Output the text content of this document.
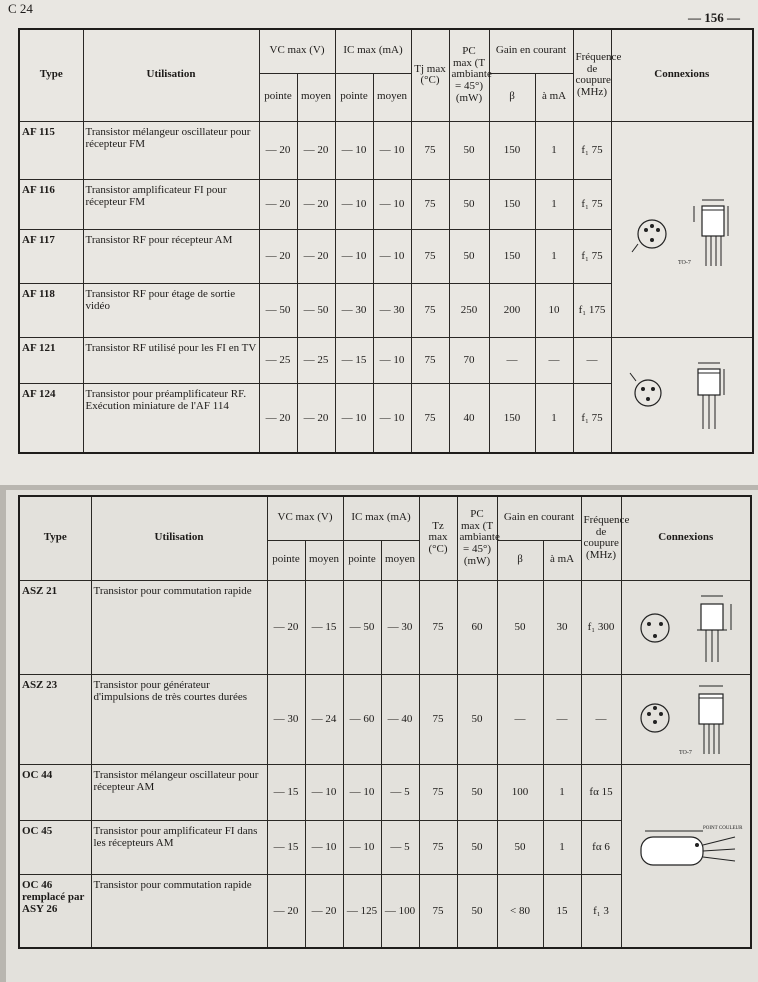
C 24
— 156 —
Type	Utilisation	VC max (V)		IC max (mA)		Tj max
(°C)	PC max (T ambiante = 45°) (mW)	Gain en courant		Fréquence de coupure (MHz)	Connexions
		pointe	moyen	pointe	moyen			β	à mA		
AF 115	Transistor mélangeur oscillateur pour récepteur FM	— 20	— 20	— 10	— 10	75	50	150	1	f₁ 75	TO-7

AF 116	Transistor amplificateur FI pour récepteur FM	— 20	— 20	— 10	— 10	75	50	150	1	f₁ 75	
AF 117	Transistor RF pour récepteur AM	— 20	— 20	— 10	— 10	75	50	150	1	f₁ 75	
AF 118	Transistor RF pour étage de sortie vidéo	— 50	— 50	— 30	— 30	75	250	200	10	f₁ 175	
AF 121	Transistor RF utilisé pour les FI en TV	— 25	— 25	— 15	— 10	75	70	—	—	—	

AF 124	Transistor pour préamplificateur RF. Exécution miniature de l'AF 114	— 20	— 20	— 10	— 10	75	40	150	1	f₁ 75	
Type	Utilisation	VC max (V)		IC max (mA)		Tz max
(°C)	PC max (T ambiante = 45°) (mW)	Gain en courant		Fréquence de coupure (MHz)	Connexions
		pointe	moyen	pointe	moyen			β	à mA		
ASZ 21	Transistor pour commutation rapide	— 20	— 15	— 50	— 30	75	60	50	30	f₁ 300	

ASZ 23	Transistor pour générateur d'impulsions de très courtes durées	— 30	— 24	— 60	— 40	75	50	—	—	—	TO-7

OC 44	Transistor mélangeur oscillateur pour récepteur AM	— 15	— 10	— 10	— 5	75	50	100	1	fα 15	POINT COULEUR

OC 45	Transistor pour amplificateur FI dans les récepteurs AM	— 15	— 10	— 10	— 5	75	50	50	1	fα 6	
OC 46 remplacé par ASY 26	Transistor pour commutation rapide	— 20	— 20	— 125	— 100	75	50	< 80	15	f₁ 3	
